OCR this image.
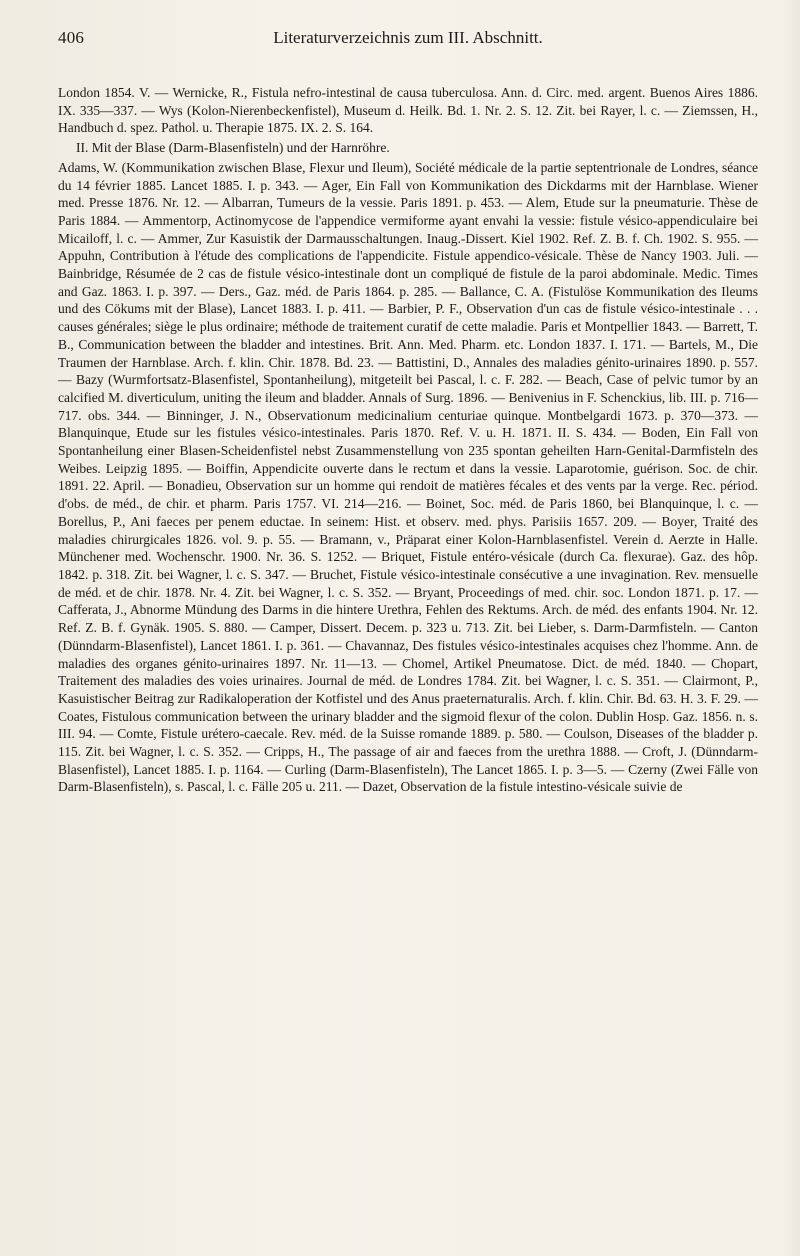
406	Literaturverzeichnis zum III. Abschnitt.

London 1854. V. — Wernicke, R., Fistula nefro-intestinal de causa tuberculosa. Ann. d. Circ. med. argent. Buenos Aires 1886. IX. 335—337. — Wys (Kolon-Nierenbeckenfistel), Museum d. Heilk. Bd. 1. Nr. 2. S. 12. Zit. bei Rayer, l. c. — Ziemssen, H., Handbuch d. spez. Pathol. u. Therapie 1875. IX. 2. S. 164.

II. Mit der Blase (Darm-Blasenfisteln) und der Harnröhre.

Adams, W. (Kommunikation zwischen Blase, Flexur und Ileum), Société médicale de la partie septentrionale de Londres, séance du 14 février 1885. Lancet 1885. I. p. 343. — Ager, Ein Fall von Kommunikation des Dickdarms mit der Harnblase. Wiener med. Presse 1876. Nr. 12. — Albarran, Tumeurs de la vessie. Paris 1891. p. 453. — Alem, Etude sur la pneumaturie. Thèse de Paris 1884. — Ammentorp, Actinomycose de l'appendice vermiforme ayant envahi la vessie: fistule vésico-appendiculaire bei Micailoff, l. c. — Ammer, Zur Kasuistik der Darmausschaltungen. Inaug.-Dissert. Kiel 1902. Ref. Z. B. f. Ch. 1902. S. 955. — Appuhn, Contribution à l'étude des complications de l'appendicite. Fistule appendico-vésicale. Thèse de Nancy 1903. Juli. — Bainbridge, Résumée de 2 cas de fistule vésico-intestinale dont un compliqué de fistule de la paroi abdominale. Medic. Times and Gaz. 1863. I. p. 397. — Ders., Gaz. méd. de Paris 1864. p. 285. — Ballance, C. A. (Fistulöse Kommunikation des Ileums und des Cökums mit der Blase), Lancet 1883. I. p. 411. — Barbier, P. F., Observation d'un cas de fistule vésico-intestinale . . . causes générales; siège le plus ordinaire; méthode de traitement curatif de cette maladie. Paris et Montpellier 1843. — Barrett, T. B., Communication between the bladder and intestines. Brit. Ann. Med. Pharm. etc. London 1837. I. 171. — Bartels, M., Die Traumen der Harnblase. Arch. f. klin. Chir. 1878. Bd. 23. — Battistini, D., Annales des maladies génito-urinaires 1890. p. 557. — Bazy (Wurmfortsatz-Blasenfistel, Spontanheilung), mitgeteilt bei Pascal, l. c. F. 282. — Beach, Case of pelvic tumor by an calcified M. diverticulum, uniting the ileum and bladder. Annals of Surg. 1896. — Benivenius in F. Schenckius, lib. III. p. 716—717. obs. 344. — Binninger, J. N., Observationum medicinalium centuriae quinque. Montbelgardi 1673. p. 370—373. — Blanquinque, Etude sur les fistules vésico-intestinales. Paris 1870. Ref. V. u. H. 1871. II. S. 434. — Boden, Ein Fall von Spontanheilung einer Blasen-Scheidenfistel nebst Zusammenstellung von 235 spontan geheilten Harn-Genital-Darmfisteln des Weibes. Leipzig 1895. — Boiffin, Appendicite ouverte dans le rectum et dans la vessie. Laparotomie, guérison. Soc. de chir. 1891. 22. April. — Bonadieu, Observation sur un homme qui rendoit de matières fécales et des vents par la verge. Rec. périod. d'obs. de méd., de chir. et pharm. Paris 1757. VI. 214—216. — Boinet, Soc. méd. de Paris 1860, bei Blanquinque, l. c. — Borellus, P., Ani faeces per penem eductae. In seinem: Hist. et observ. med. phys. Parisiis 1657. 209. — Boyer, Traité des maladies chirurgicales 1826. vol. 9. p. 55. — Bramann, v., Präparat einer Kolon-Harnblasenfistel. Verein d. Aerzte in Halle. Münchener med. Wochenschr. 1900. Nr. 36. S. 1252. — Briquet, Fistule entéro-vésicale (durch Ca. flexurae). Gaz. des hôp. 1842. p. 318. Zit. bei Wagner, l. c. S. 347. — Bruchet, Fistule vésico-intestinale consécutive a une invagination. Rev. mensuelle de méd. et de chir. 1878. Nr. 4. Zit. bei Wagner, l. c. S. 352. — Bryant, Proceedings of med. chir. soc. London 1871. p. 17. — Cafferata, J., Abnorme Mündung des Darms in die hintere Urethra, Fehlen des Rektums. Arch. de méd. des enfants 1904. Nr. 12. Ref. Z. B. f. Gynäk. 1905. S. 880. — Camper, Dissert. Decem. p. 323 u. 713. Zit. bei Lieber, s. Darm-Darmfisteln. — Canton (Dünndarm-Blasenfistel), Lancet 1861. I. p. 361. — Chavannaz, Des fistules vésico-intestinales acquises chez l'homme. Ann. de maladies des organes génito-urinaires 1897. Nr. 11—13. — Chomel, Artikel Pneumatose. Dict. de méd. 1840. — Chopart, Traitement des maladies des voies urinaires. Journal de méd. de Londres 1784. Zit. bei Wagner, l. c. S. 351. — Clairmont, P., Kasuistischer Beitrag zur Radikaloperation der Kotfistel und des Anus praeternaturalis. Arch. f. klin. Chir. Bd. 63. H. 3. F. 29. — Coates, Fistulous communication between the urinary bladder and the sigmoid flexur of the colon. Dublin Hosp. Gaz. 1856. n. s. III. 94. — Comte, Fistule urétero-caecale. Rev. méd. de la Suisse romande 1889. p. 580. — Coulson, Diseases of the bladder p. 115. Zit. bei Wagner, l. c. S. 352. — Cripps, H., The passage of air and faeces from the urethra 1888. — Croft, J. (Dünndarm-Blasenfistel), Lancet 1885. I. p. 1164. — Curling (Darm-Blasenfisteln), The Lancet 1865. I. p. 3—5. — Czerny (Zwei Fälle von Darm-Blasenfisteln), s. Pascal, l. c. Fälle 205 u. 211. — Dazet, Observation de la fistule intestino-vésicale suivie de
